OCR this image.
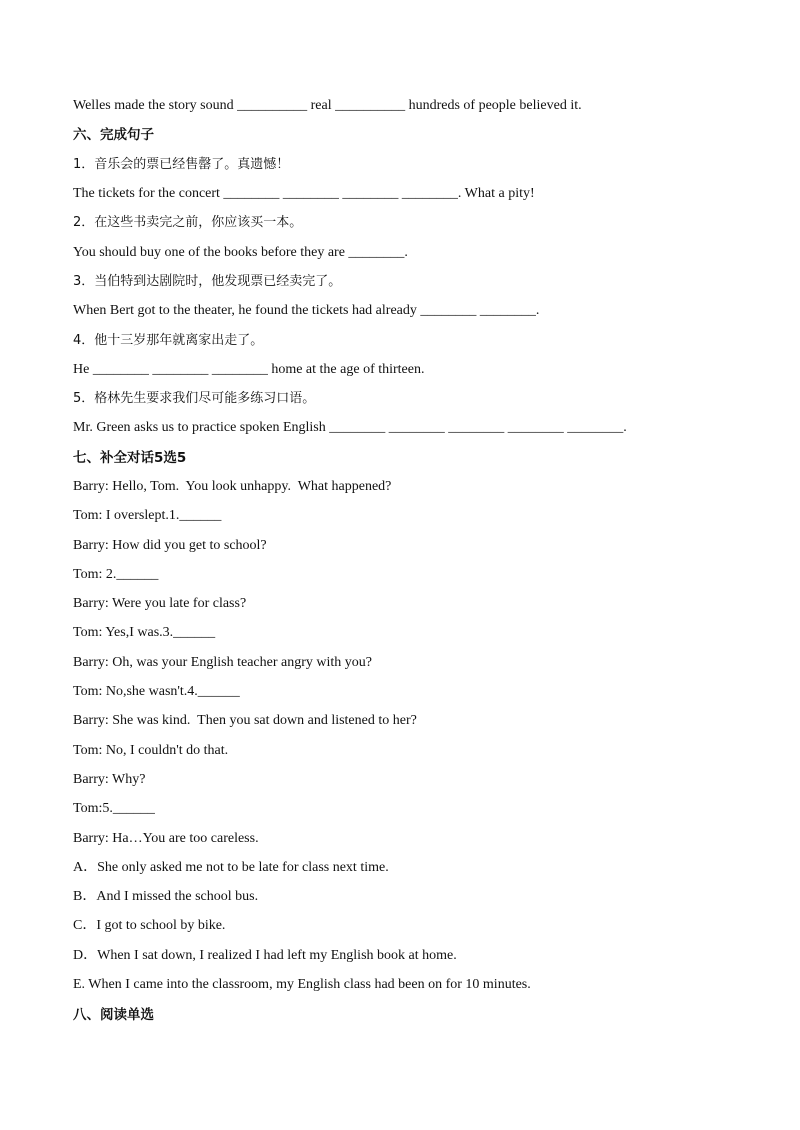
Welles made the story sound __________ real __________ hundreds of people believed it.
六、完成句子
1．音乐会的票已经售罄了。真遗憾！
The tickets for the concert ________ ________ ________ ________. What a pity!
2．在这些书卖完之前，你应该买一本。
You should buy one of the books before they are ________.
3．当伯特到达剧院时，他发现票已经卖完了。
When Bert got to the theater, he found the tickets had already ________ ________.
4．他十三岁那年就离家出走了。
He ________ ________ ________ home at the age of thirteen.
5．格林先生要求我们尽可能多练习口语。
Mr. Green asks us to practice spoken English ________ ________ ________ ________ ________.
七、补全对话5选5
Barry: Hello, Tom.  You look unhappy.  What happened?
Tom: I overslept.1.______
Barry: How did you get to school?
Tom: 2.______
Barry: Were you late for class?
Tom: Yes,I was.3.______
Barry: Oh, was your English teacher angry with you?
Tom: No,she wasn't.4.______
Barry: She was kind.  Then you sat down and listened to her?
Tom: No, I couldn't do that.
Barry: Why?
Tom:5.______
Barry: Ha…You are too careless.
A．She only asked me not to be late for class next time.
B．And I missed the school bus.
C．I got to school by bike.
D．When I sat down, I realized I had left my English book at home.
E. When I came into the classroom, my English class had been on for 10 minutes.
八、阅读单选
